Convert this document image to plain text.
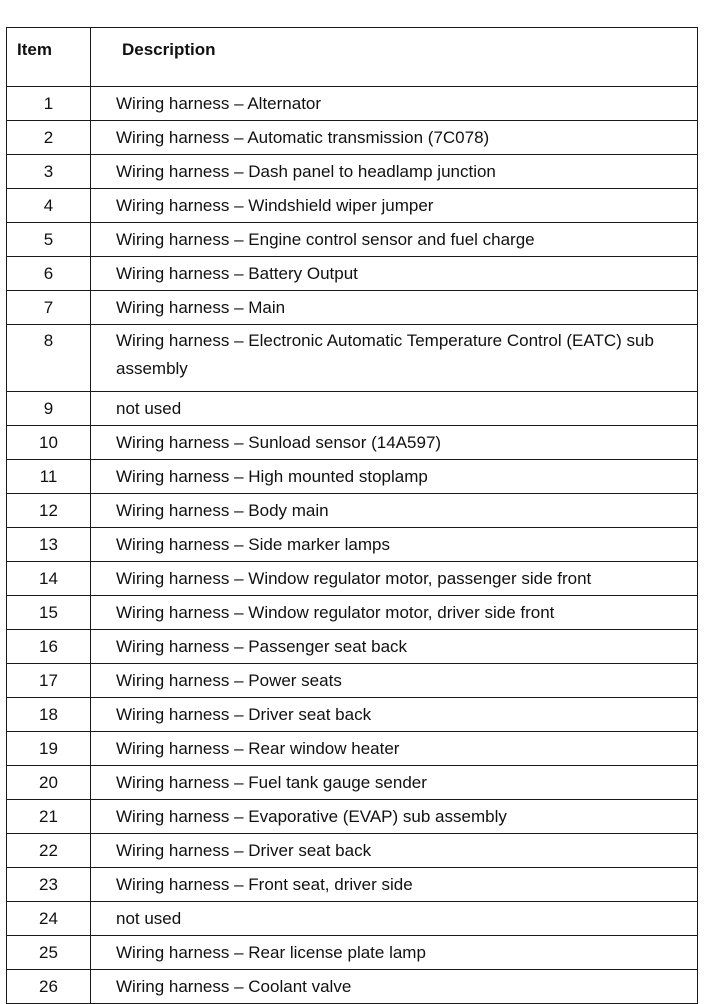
Item	Description
1	Wiring harness – Alternator
2	Wiring harness – Automatic transmission (7C078)
3	Wiring harness – Dash panel to headlamp junction
4	Wiring harness – Windshield wiper jumper
5	Wiring harness – Engine control sensor and fuel charge
6	Wiring harness – Battery Output
7	Wiring harness – Main
8	Wiring harness – Electronic Automatic Temperature Control (EATC) sub assembly
9	not used
10	Wiring harness – Sunload sensor (14A597)
11	Wiring harness – High mounted stoplamp
12	Wiring harness – Body main
13	Wiring harness – Side marker lamps
14	Wiring harness – Window regulator motor, passenger side front
15	Wiring harness – Window regulator motor, driver side front
16	Wiring harness – Passenger seat back
17	Wiring harness – Power seats
18	Wiring harness – Driver seat back
19	Wiring harness – Rear window heater
20	Wiring harness – Fuel tank gauge sender
21	Wiring harness – Evaporative (EVAP) sub assembly
22	Wiring harness – Driver seat back
23	Wiring harness – Front seat, driver side
24	not used
25	Wiring harness – Rear license plate lamp
26	Wiring harness – Coolant valve
